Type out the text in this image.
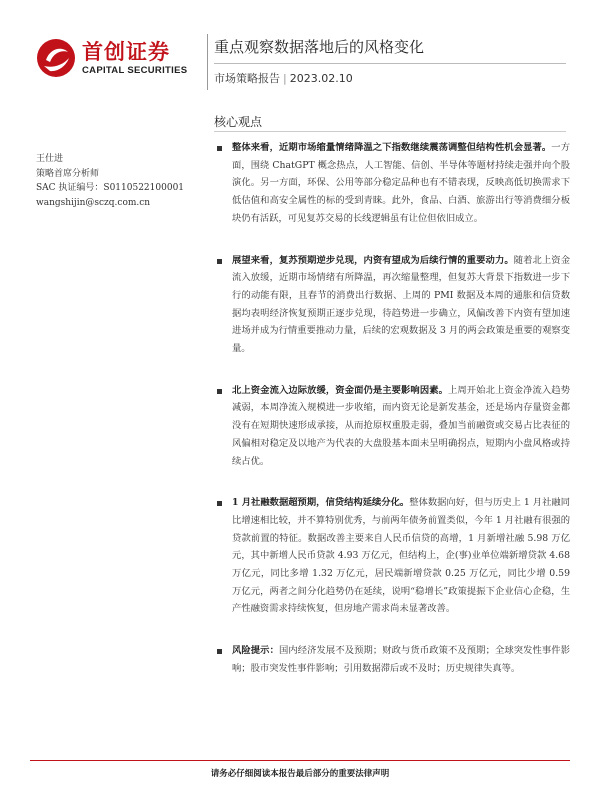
首创证券
CAPITAL SECURITIES
重点观察数据落地后的风格变化
市场策略报告 | 2023.02.10
核心观点
王仕进
策略首席分析师
SAC 执证编号：S0110522100001
wangshijin@sczq.com.cn
整体来看，近期市场缩量情绪降温之下指数继续震荡调整但结构性机会显著。一方面，围绕 ChatGPT 概念热点，人工智能、信创、半导体等题材持续走强并向个股演化。另一方面，环保、公用等部分稳定品种也有不错表现，反映高低切换需求下低估值和高安全属性的标的受到青睐。此外，食品、白酒、旅游出行等消费细分板块仍有活跃，可见复苏交易的长线逻辑虽有让位但依旧成立。
展望来看，复苏预期逆步兑现，内资有望成为后续行情的重要动力。随着北上资金流入放缓，近期市场情绪有所降温，再次缩量整理，但复苏大背景下指数进一步下行的动能有限，且春节的消费出行数据、上周的 PMI 数据及本周的通胀和信贷数据均表明经济恢复预期正逐步兑现，待趋势进一步确立，风偏改善下内资有望加速进场并成为行情重要推动力量，后续的宏观数据及 3 月的两会政策是重要的观察变量。
北上资金流入边际放缓，资金面仍是主要影响因素。上周开始北上资金净流入趋势减弱，本周净流入规模进一步收缩，而内资无论是新发基金，还是场内存量资金都没有在短期快速形成承接，从而抢原权重股走弱，叠加当前融资或交易占比表征的风偏相对稳定及以地产为代表的大盘股基本面未呈明确拐点，短期内小盘风格或持续占优。
1 月社融数据超预期，信贷结构延续分化。整体数据向好，但与历史上 1 月社融同比增速相比较，并不算特别优秀，与前两年债务前置类似，今年 1 月社融有很强的贷款前置的特征。数据改善主要来自人民币信贷的高增，1 月新增社融 5.98 万亿元，其中新增人民币贷款 4.93 万亿元，但结构上，企(事)业单位端新增贷款 4.68 万亿元，同比多增 1.32 万亿元，居民端新增贷款 0.25 万亿元，同比少增 0.59 万亿元，两者之间分化趋势仍在延续，说明“稳增长”政策提振下企业信心企稳，生产性融资需求持续恢复，但房地产需求尚未显著改善。
风险提示：国内经济发展不及预期；财政与货币政策不及预期；全球突发性事件影响；股市突发性事件影响；引用数据滞后或不及时；历史规律失真等。
请务必仔细阅读本报告最后部分的重要法律声明
